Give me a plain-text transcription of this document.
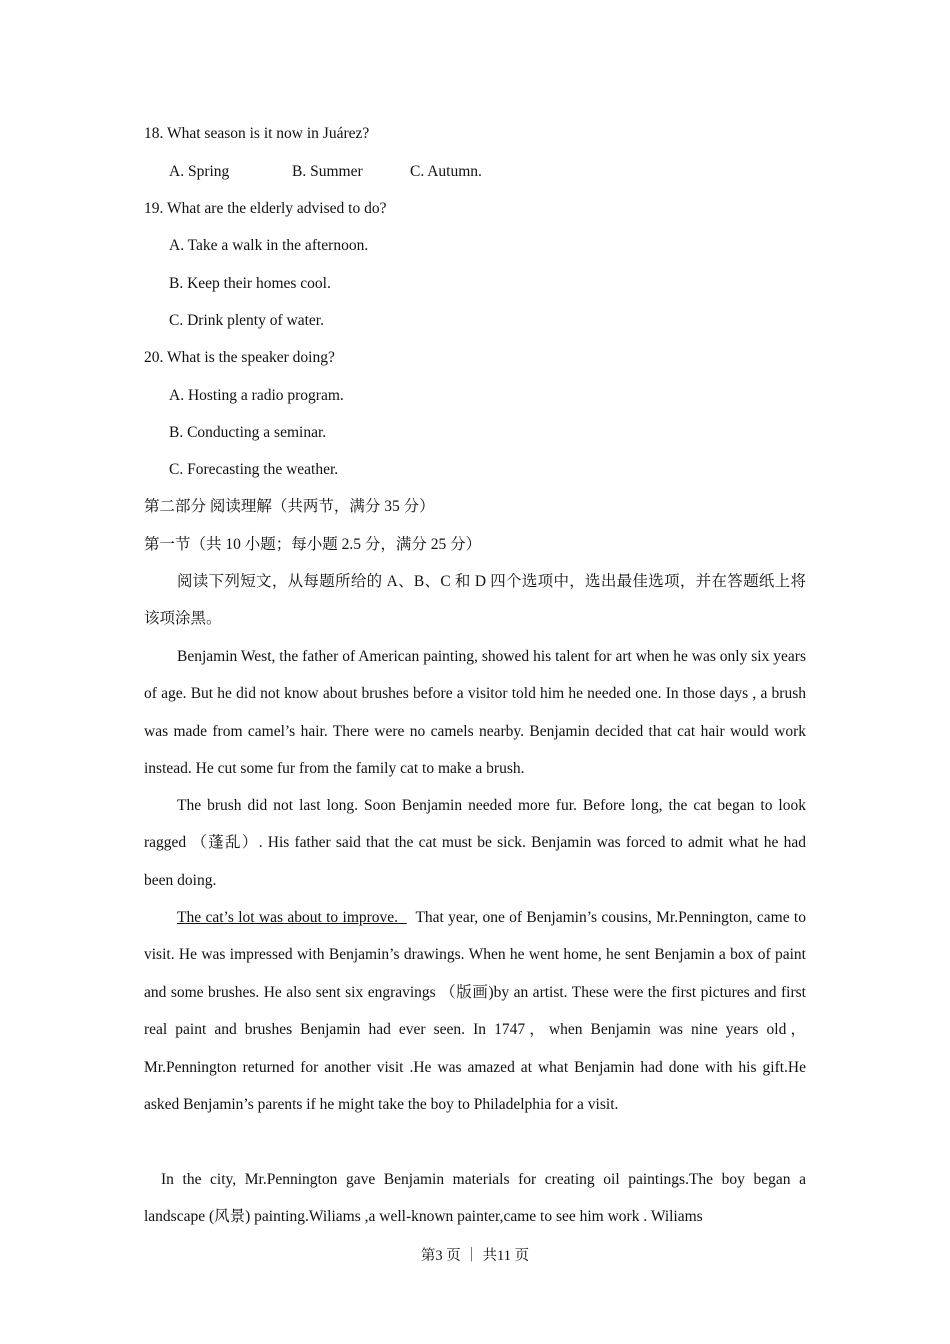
18. What season is it now in Juárez?
A. Spring	B. Summer	C. Autumn.
19. What are the elderly advised to do?
A. Take a walk in the afternoon.
B. Keep their homes cool.
C. Drink plenty of water.
20. What is the speaker doing?
A. Hosting a radio program.
B. Conducting a seminar.
C. Forecasting the weather.
第二部分 阅读理解（共两节，满分 35 分）
第一节（共 10 小题；每小题 2.5 分，满分 25 分）
阅读下列短文，从每题所给的 A、B、C 和 D 四个选项中，选出最佳选项，并在答题纸上将该项涂黑。
Benjamin West, the father of American painting, showed his talent for art when he was only six years of age. But he did not know about brushes before a visitor told him he needed one. In those days , a brush was made from camel’s hair. There were no camels nearby. Benjamin decided that cat hair would work instead. He cut some fur from the family cat to make a brush.
The brush did not last long. Soon Benjamin needed more fur. Before long, the cat began to look ragged （蓬乱）. His father said that the cat must be sick. Benjamin was forced to admit what he had been doing.
The cat’s lot was about to improve. That year, one of Benjamin’s cousins, Mr.Pennington, came to visit. He was impressed with Benjamin’s drawings. When he went home, he sent Benjamin a box of paint and some brushes. He also sent six engravings （版画)by an artist. These were the first pictures and first real paint and brushes Benjamin had ever seen. In 1747，when Benjamin was nine years old，Mr.Pennington returned for another visit .He was amazed at what Benjamin had done with his gift.He asked Benjamin’s parents if he might take the boy to Philadelphia for a visit.
In the city, Mr.Pennington gave Benjamin materials for creating oil paintings.The boy began a landscape (风景) painting.Wiliams ,a well-known painter,came to see him work . Wiliams
第3 页 ｜ 共11 页
